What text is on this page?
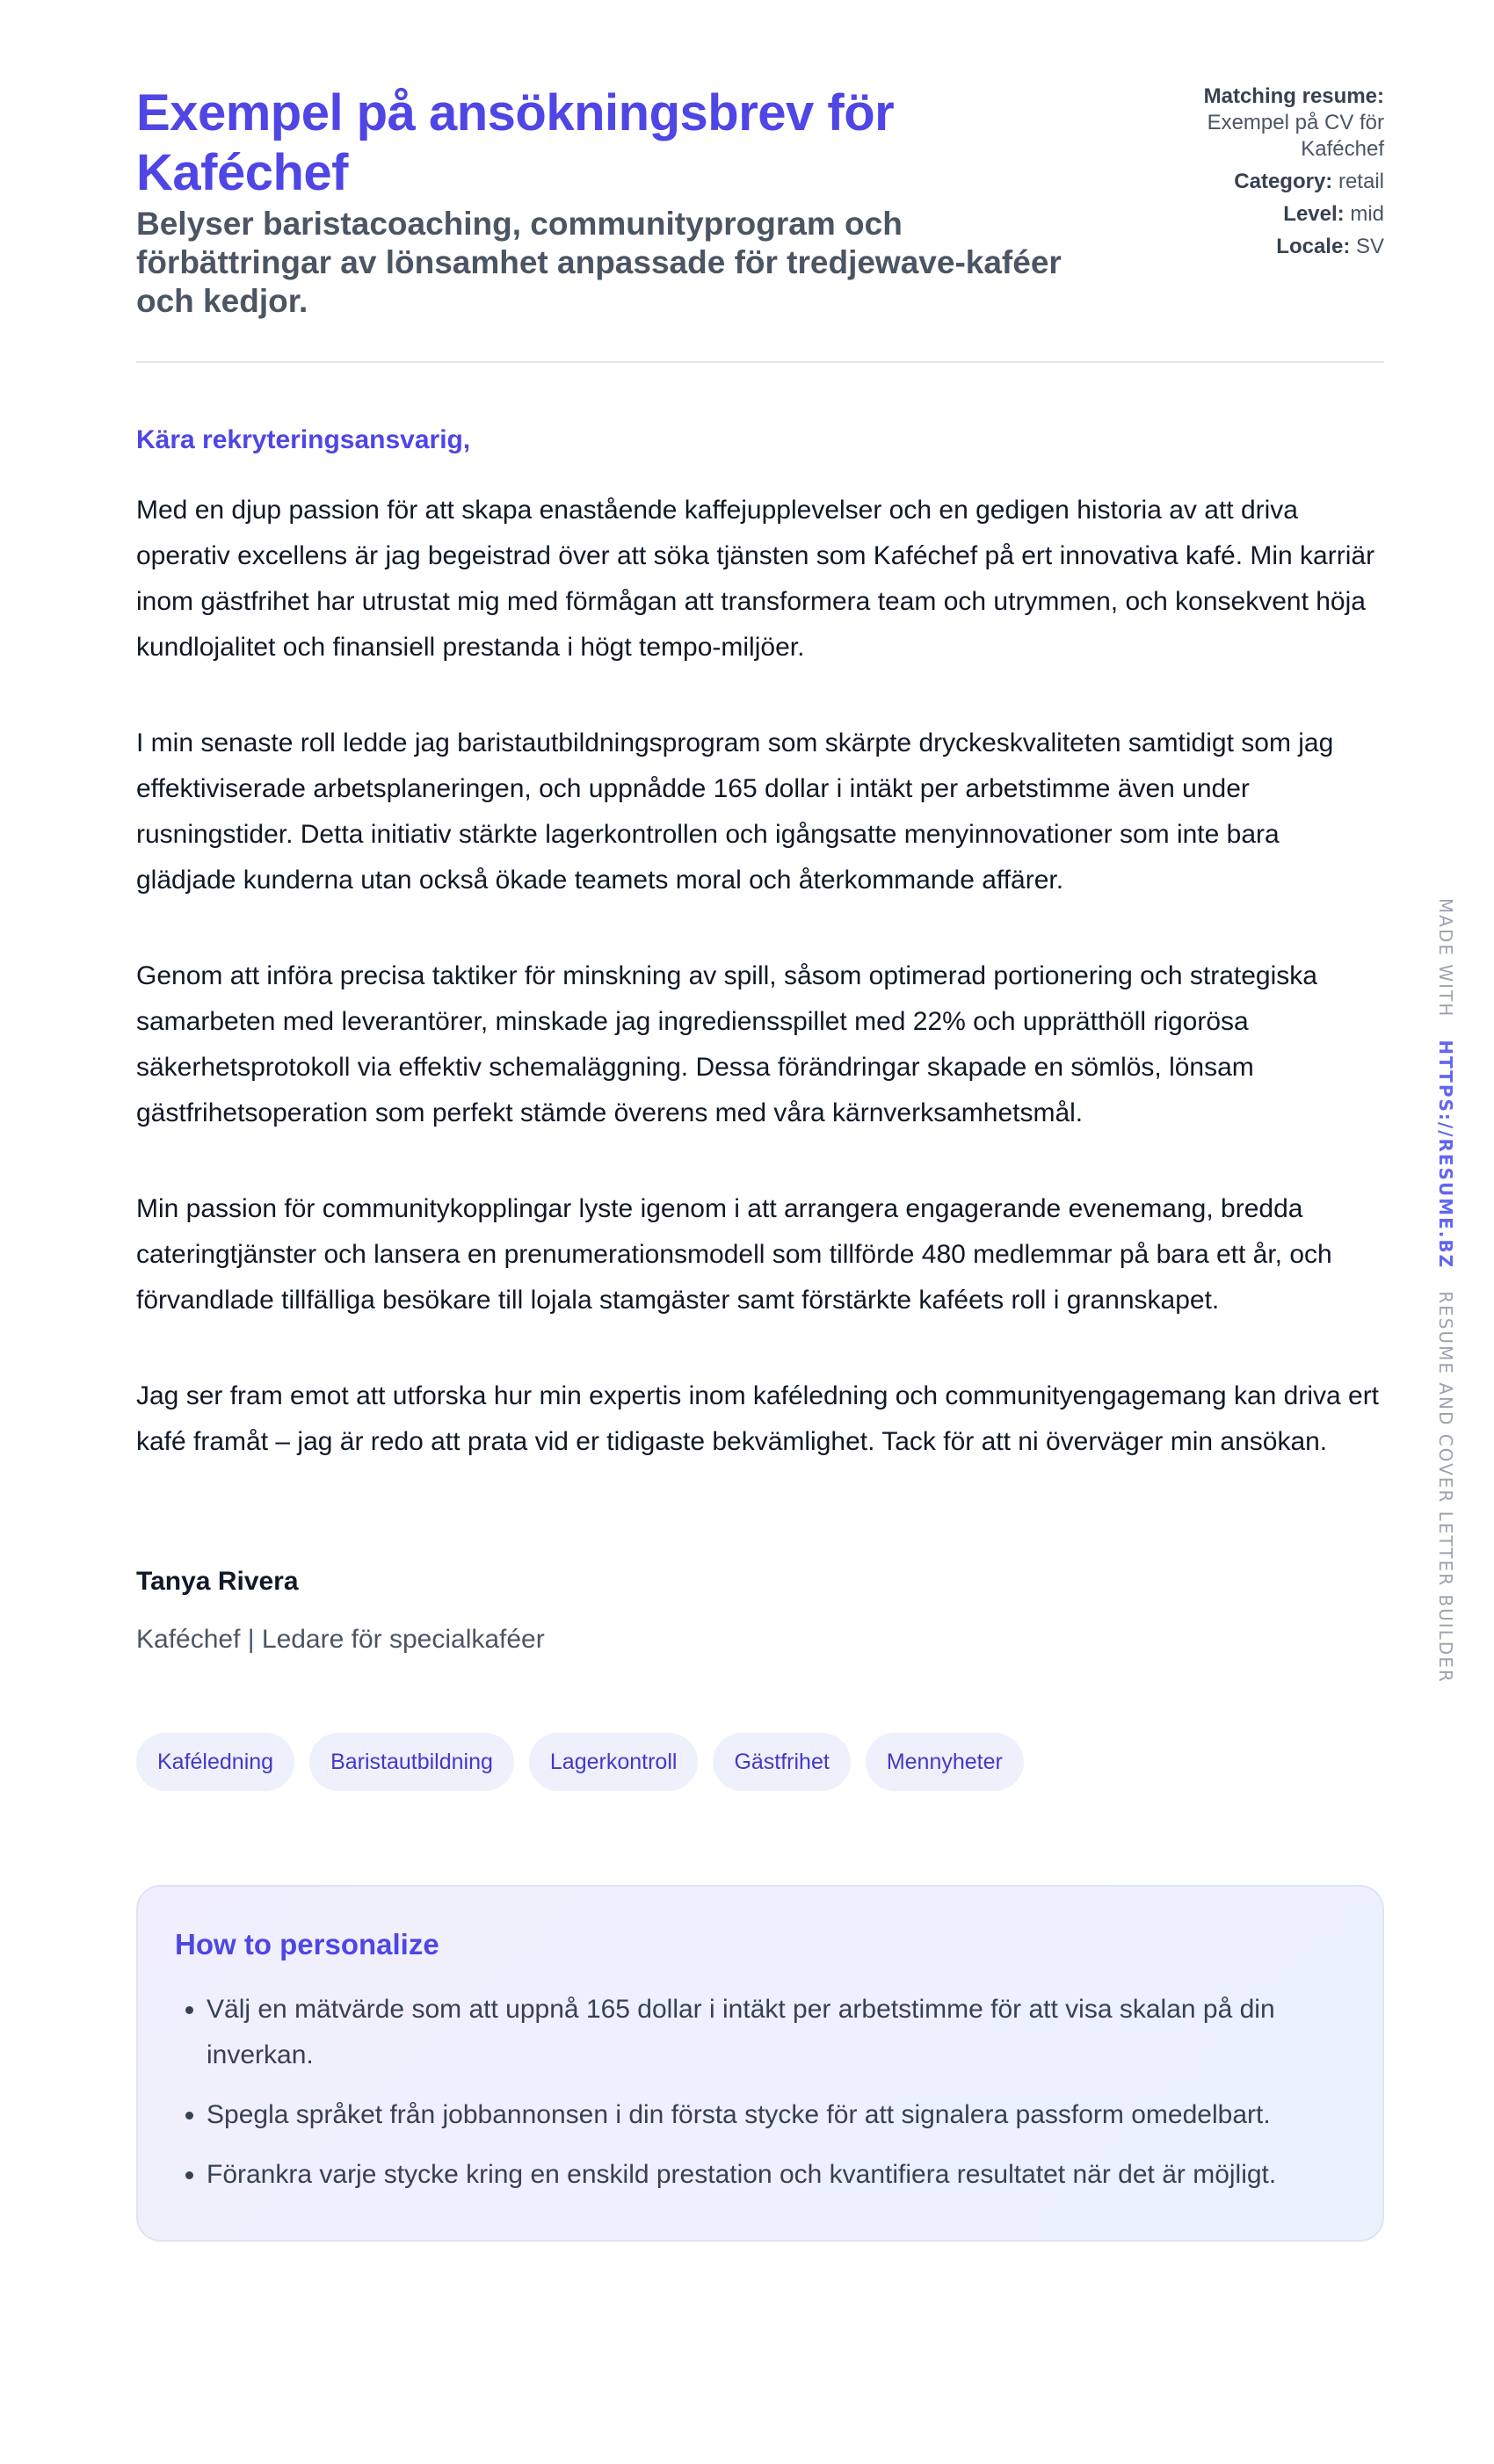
Exempel på ansökningsbrev för Kaféchef

Belyser baristacoaching, communityprogram och förbättringar av lönsamhet anpassade för tredjewave-kaféer och kedjor.

Matching resume:
Exempel på CV för Kaféchef
Category: retail
Level: mid
Locale: SV

Kära rekryteringsansvarig,

Med en djup passion för att skapa enastående kaffejupplevelser och en gedigen historia av att driva operativ excellens är jag begeistrad över att söka tjänsten som Kaféchef på ert innovativa kafé. Min karriär inom gästfrihet har utrustat mig med förmågan att transformera team och utrymmen, och konsekvent höja kundlojalitet och finansiell prestanda i högt tempo-miljöer.

I min senaste roll ledde jag baristautbildningsprogram som skärpte dryckeskvaliteten samtidigt som jag effektiviserade arbetsplaneringen, och uppnådde 165 dollar i intäkt per arbetstimme även under rusningstider. Detta initiativ stärkte lagerkontrollen och igångsatte menyinnovationer som inte bara glädjade kunderna utan också ökade teamets moral och återkommande affärer.

Genom att införa precisa taktiker för minskning av spill, såsom optimerad portionering och strategiska samarbeten med leverantörer, minskade jag ingrediensspillet med 22% och upprätthöll rigorösa säkerhetsprotokoll via effektiv schemaläggning. Dessa förändringar skapade en sömlös, lönsam gästfrihetsoperation som perfekt stämde överens med våra kärnverksamhetsmål.

Min passion för communitykopplingar lyste igenom i att arrangera engagerande evenemang, bredda cateringtjänster och lansera en prenumerationsmodell som tillförde 480 medlemmar på bara ett år, och förvandlade tillfälliga besökare till lojala stamgäster samt förstärkte kaféets roll i grannskapet.

Jag ser fram emot att utforska hur min expertis inom kaféledning och communityengagemang kan driva ert kafé framåt – jag är redo att prata vid er tidigaste bekvämlighet. Tack för att ni överväger min ansökan.

Tanya Rivera
Kaféchef | Ledare för specialkaféer
Kaféledning	Baristautbildning	Lagerkontroll	Gästfrihet	Mennyheter
How to personalize
• Välj en mätvärde som att uppnå 165 dollar i intäkt per arbetstimme för att visa skalan på din inverkan.
• Spegla språket från jobbannonsen i din första stycke för att signalera passform omedelbart.
• Förankra varje stycke kring en enskild prestation och kvantifiera resultatet när det är möjligt.
MADE WITH   HTTPS://RESUME.BZ   RESUME AND COVER LETTER BUILDER
